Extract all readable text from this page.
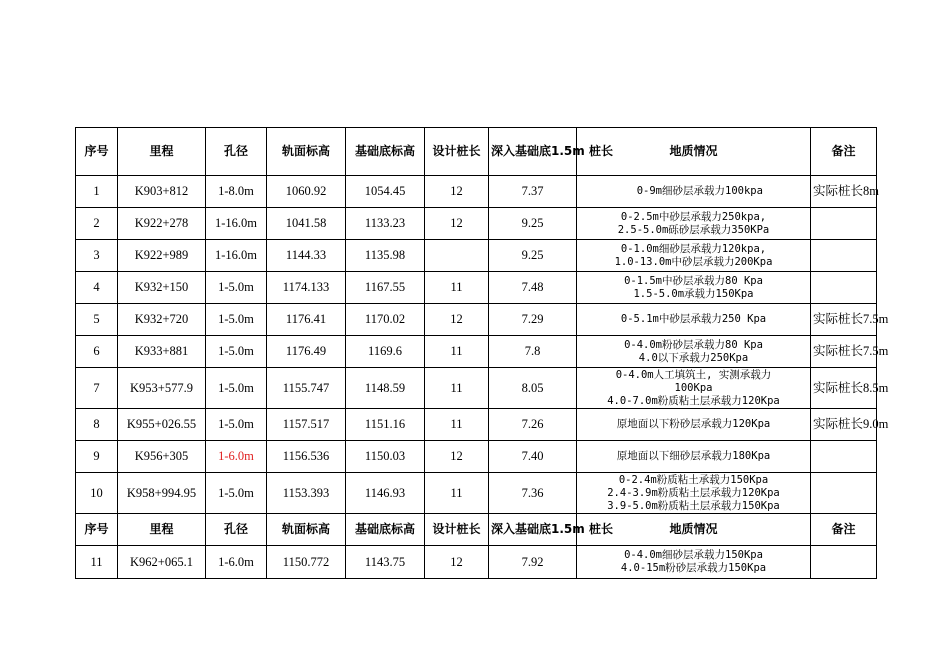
序号	里程	孔径	轨面标高	基础底标高	设计桩长	深入基础底1.5m 桩长	地质情况	备注
1	K903+812	1-8.0m	1060.92	1054.45	12	7.37	0-9m细砂层承载力100kpa	实际桩长8m
2	K922+278	1-16.0m	1041.58	1133.23	12	9.25	0-2.5m中砂层承载力250kpa,
2.5-5.0m砾砂层承载力350KPa	

3	K922+989	1-16.0m	1144.33	1135.98		9.25	0-1.0m细砂层承载力120kpa,
1.0-13.0m中砂层承载力200Kpa	

4	K932+150	1-5.0m	1174.133	1167.55	11	7.48	0-1.5m中砂层承载力80 Kpa
1.5-5.0m承载力150Kpa	

5	K932+720	1-5.0m	1176.41	1170.02	12	7.29	0-5.1m中砂层承载力250 Kpa	实际桩长7.5m
6	K933+881	1-5.0m	1176.49	1169.6	11	7.8	0-4.0m粉砂层承载力80 Kpa
4.0以下承载力250Kpa	实际桩长7.5m
7	K953+577.9	1-5.0m	1155.747	1148.59	11	8.05	0-4.0m人工填筑土, 实测承载力
100Kpa
4.0-7.0m粉质粘土层承载力120Kpa	实际桩长8.5m
8	K955+026.55	1-5.0m	1157.517	1151.16	11	7.26	原地面以下粉砂层承载力120Kpa	实际桩长9.0m
9	K956+305	1-6.0m	1156.536	1150.03	12	7.40	原地面以下细砂层承载力180Kpa	

10	K958+994.95	1-5.0m	1153.393	1146.93	11	7.36	0-2.4m粉质粘土承载力150Kpa
2.4-3.9m粉质粘土层承载力120Kpa
3.9-5.0m粉质粘土层承载力150Kpa	

序号	里程	孔径	轨面标高	基础底标高	设计桩长	深入基础底1.5m 桩长	地质情况	备注
11	K962+065.1	1-6.0m	1150.772	1143.75	12	7.92	0-4.0m细砂层承载力150Kpa
4.0-15m粉砂层承载力150Kpa	
